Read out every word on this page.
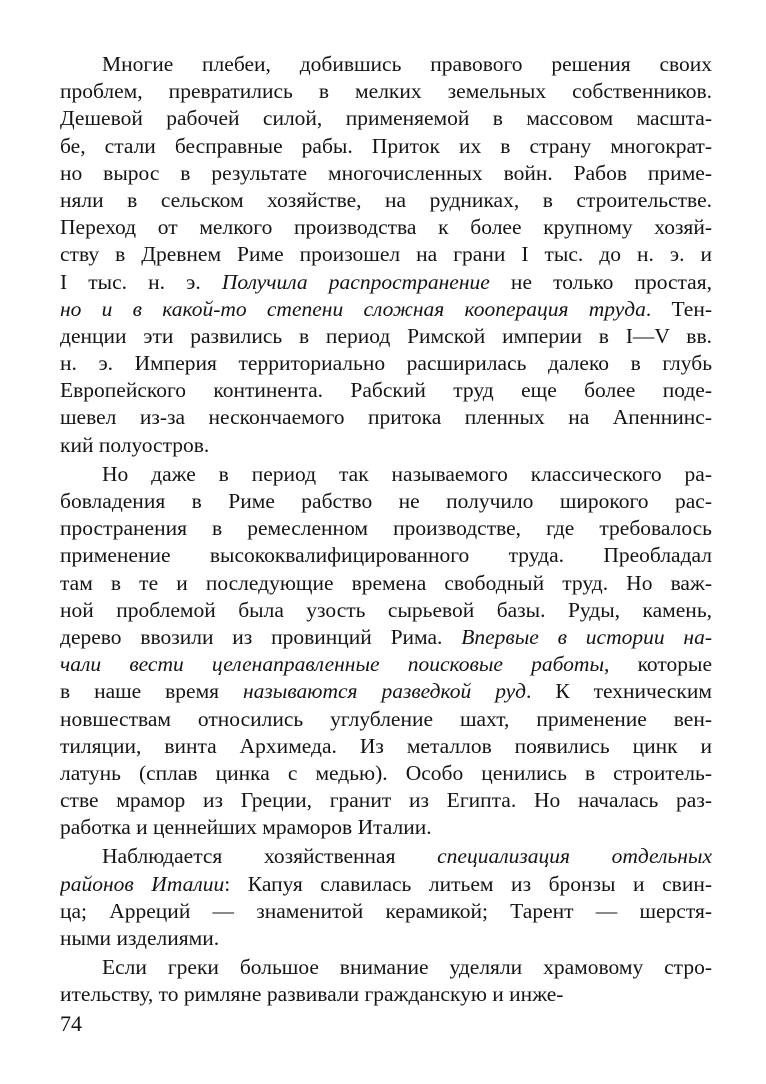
Многие плебеи, добившись правового решения своих
проблем, превратились в мелких земельных собственников.
Дешевой рабочей силой, применяемой в массовом масшта-
бе, стали бесправные рабы. Приток их в страну многократ-
но вырос в результате многочисленных войн. Рабов приме-
няли в сельском хозяйстве, на рудниках, в строительстве.
Переход от мелкого производства к более крупному хозяй-
ству в Древнем Риме произошел на грани I тыс. до н. э. и
I тыс. н. э. Получила распространение не только простая,
но и в какой-то степени сложная кооперация труда. Тен-
денции эти развились в период Римской империи в I—V вв.
н. э. Империя территориально расширилась далеко в глубь
Европейского континента. Рабский труд еще более поде-
шевел из-за нескончаемого притока пленных на Апеннинс-
кий полуостров.
Но даже в период так называемого классического ра-
бовладения в Риме рабство не получило широкого рас-
пространения в ремесленном производстве, где требовалось
применение высококвалифицированного труда. Преобладал
там в те и последующие времена свободный труд. Но важ-
ной проблемой была узость сырьевой базы. Руды, камень,
дерево ввозили из провинций Рима. Впервые в истории на-
чали вести целенаправленные поисковые работы, которые
в наше время называются разведкой руд. К техническим
новшествам относились углубление шахт, применение вен-
тиляции, винта Архимеда. Из металлов появились цинк и
латунь (сплав цинка с медью). Особо ценились в строитель-
стве мрамор из Греции, гранит из Египта. Но началась раз-
работка и ценнейших мраморов Италии.
Наблюдается хозяйственная специализация отдельных
районов Италии: Капуя славилась литьем из бронзы и свин-
ца; Арреций — знаменитой керамикой; Тарент — шерстя-
ными изделиями.
Если греки большое внимание уделяли храмовому стро-
ительству, то римляне развивали гражданскую и инже-
74
